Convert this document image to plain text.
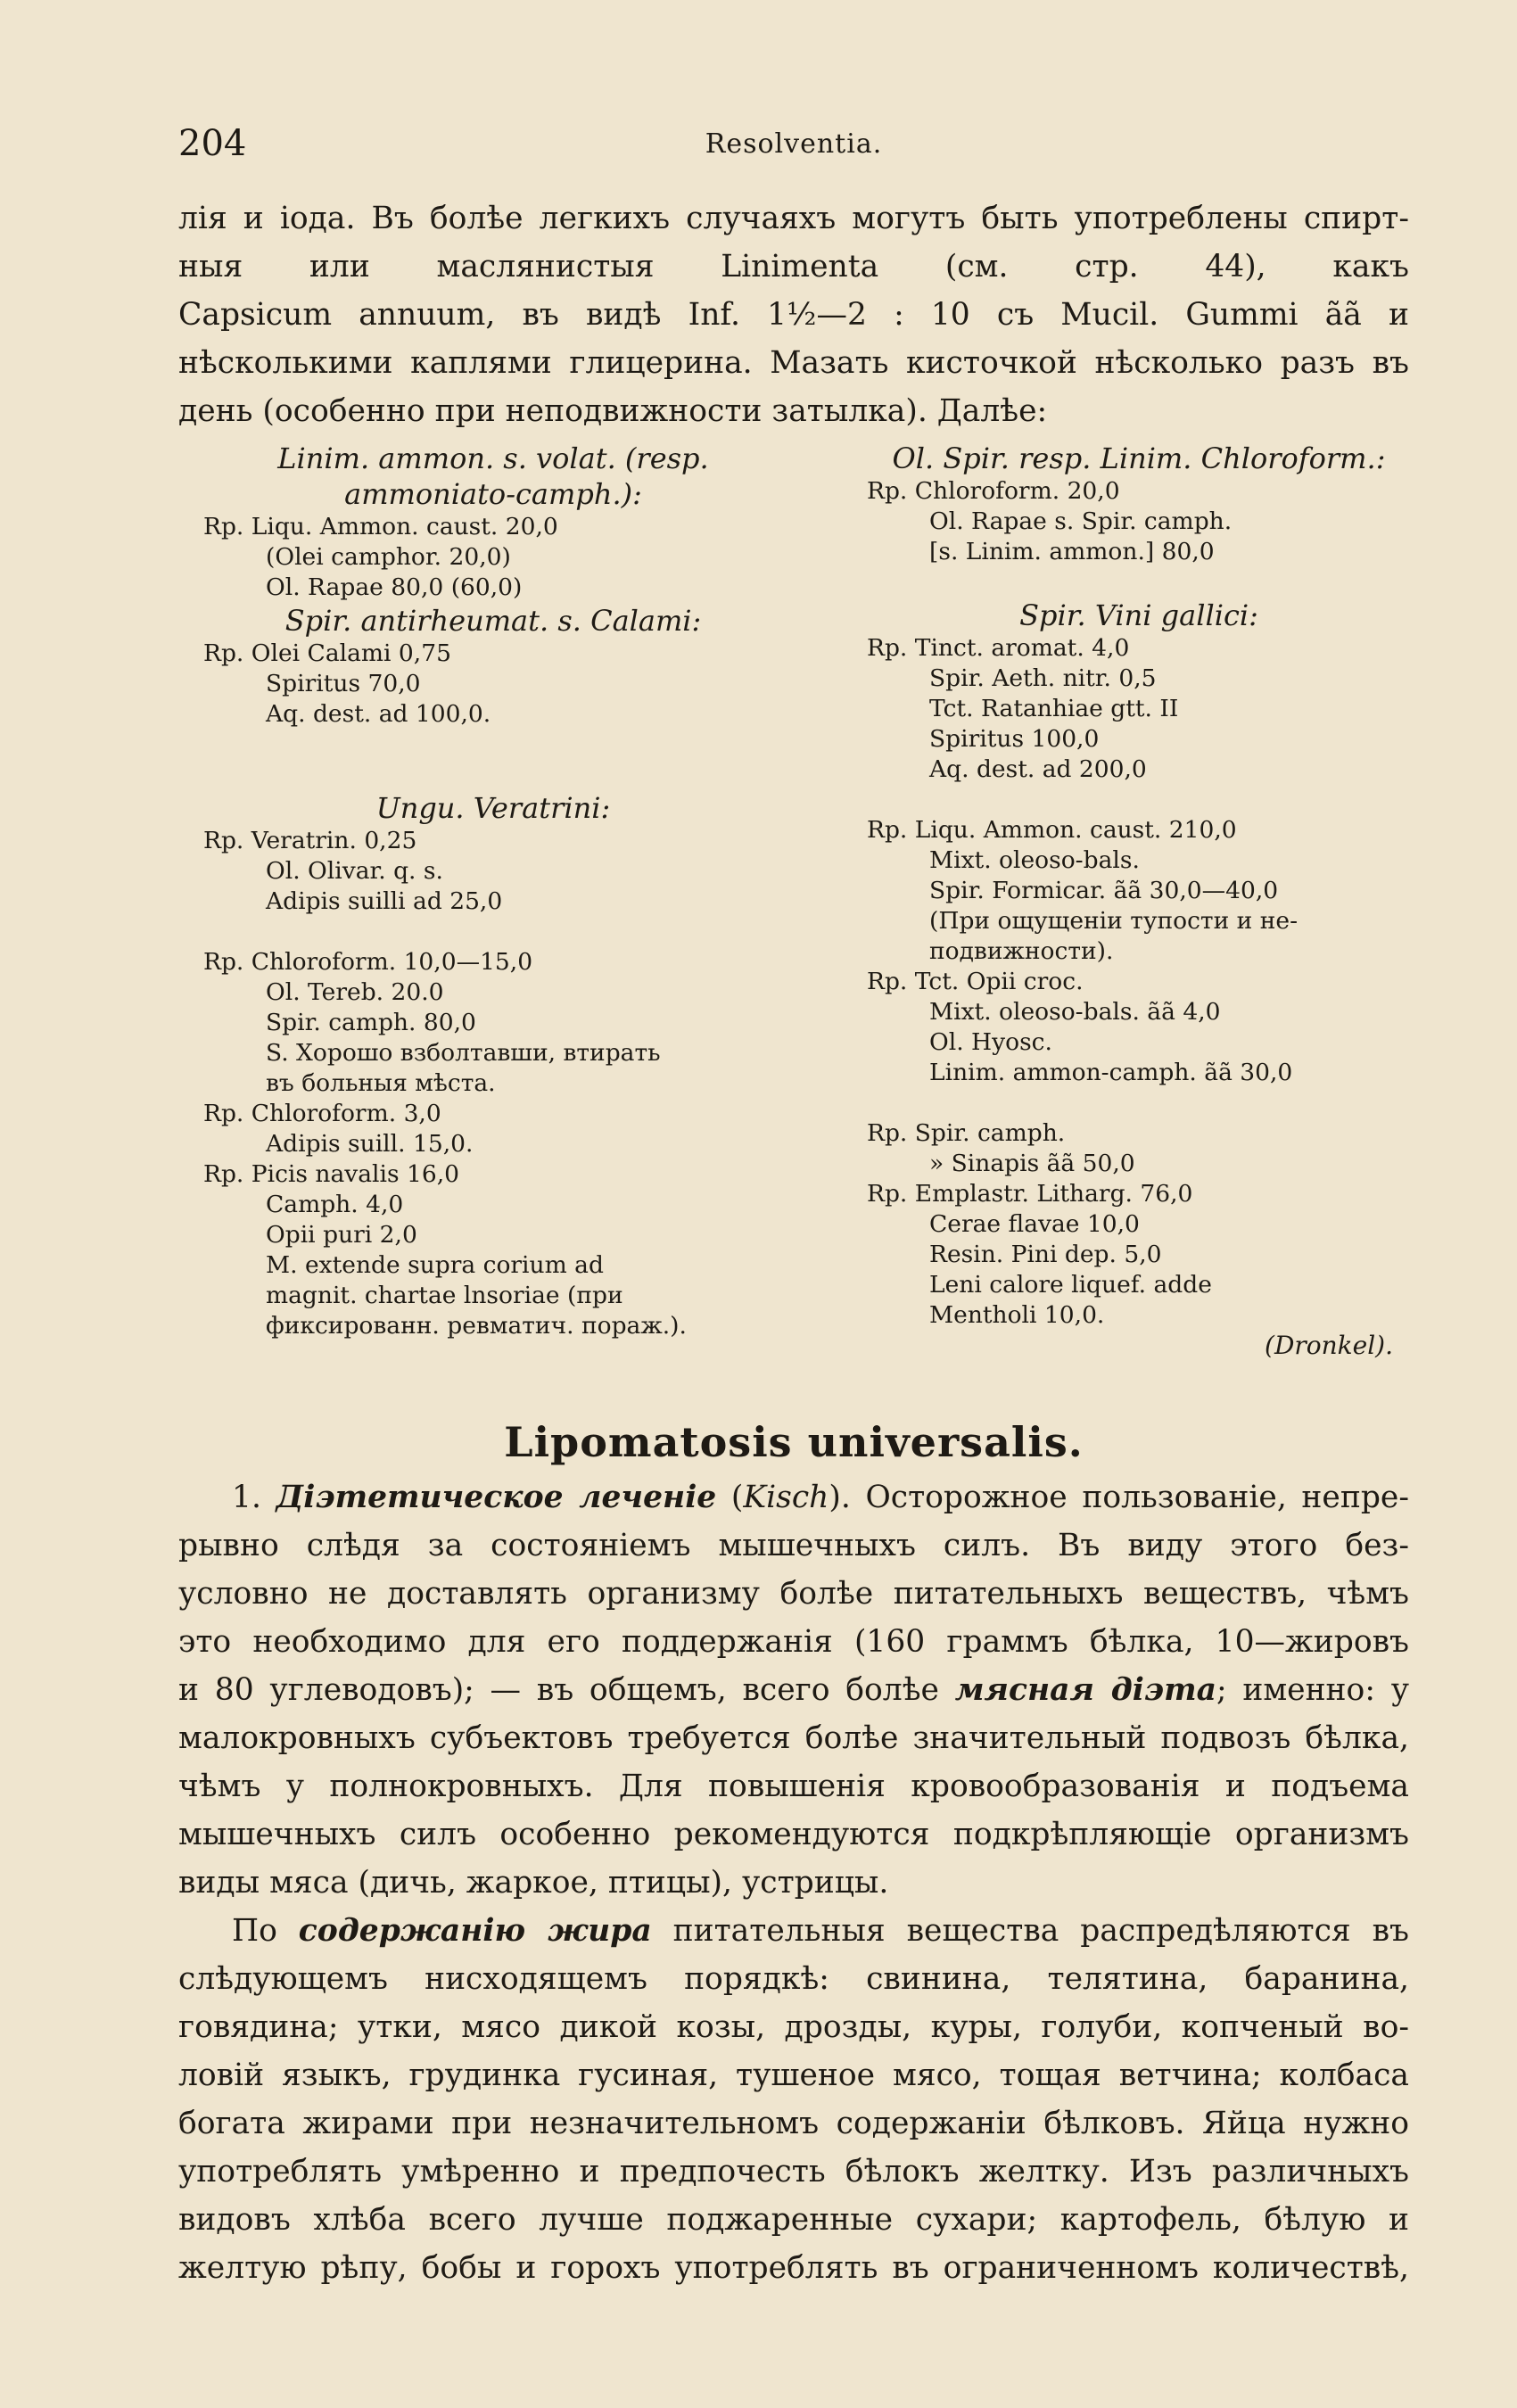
204	Resolventia.
лія и іода. Въ болѣе легкихъ случаяхъ могутъ быть употреблены спирт-
ныя или маслянистыя Linimenta (см. стр. 44), какъ
Capsicum annuum, въ видѣ Inf. 1½—2 : 10 съ Mucil. Gummi ãã и
нѣсколькими каплями глицерина. Мазать кисточкой нѣсколько разъ въ
день (особенно при неподвижности затылка). Далѣе:
Linim. ammon. s. volat. (resp.
ammoniato-camph.):
Rp. Liqu. Ammon. caust. 20,0
(Olei camphor. 20,0)
Ol. Rapae 80,0 (60,0)
Spir. antirheumat. s. Calami:
Rp. Olei Calami 0,75
Spiritus 70,0
Aq. dest. ad 100,0.
Ungu. Veratrini:
Rp. Veratrin. 0,25
Ol. Olivar. q. s.
Adipis suilli ad 25,0
Rp. Chloroform. 10,0—15,0
Ol. Tereb. 20.0
Spir. camph. 80,0
S. Хорошо взболтавши, втирать
въ больныя мѣста.
Rp. Chloroform. 3,0
Adipis suill. 15,0.
Rp. Picis navalis 16,0
Camph. 4,0
Opii puri 2,0
M. extende supra corium ad
magnit. chartae lnsoriae (при
фиксированн. ревматич. пораж.).
Ol. Spir. resp. Linim. Chloroform.:
Rp. Chloroform. 20,0
Ol. Rapae s. Spir. camph.
[s. Linim. ammon.] 80,0
Spir. Vini gallici:
Rp. Tinct. aromat. 4,0
Spir. Aeth. nitr. 0,5
Tct. Ratanhiae gtt. II
Spiritus 100,0
Aq. dest. ad 200,0
Rp. Liqu. Ammon. caust. 210,0
Mixt. oleoso-bals.
Spir. Formicar. ãã 30,0—40,0
(При ощущеніи тупости и не-
подвижности).
Rp. Tct. Opii croc.
Mixt. oleoso-bals. ãã 4,0
Ol. Hyosc.
Linim. ammon-camph. ãã 30,0
Rp. Spir. camph.
» Sinapis ãã 50,0
Rp. Emplastr. Litharg. 76,0
Cerae flavae 10,0
Resin. Pini dep. 5,0
Leni calore liquef. adde
Mentholi 10,0.
(Dronkel).
Lipomatosis universalis.
1. Діэтетическое леченіе (Kisch). Осторожное пользованіе, непре-
рывно слѣдя за состояніемъ мышечныхъ силъ. Въ виду этого без-
условно не доставлять организму болѣе питательныхъ веществъ, чѣмъ
это необходимо для его поддержанія (160 граммъ бѣлка, 10—жировъ
и 80 углеводовъ); — въ общемъ, всего болѣе мясная діэта; именно: у
малокровныхъ субъектовъ требуется болѣе значительный подвозъ бѣлка,
чѣмъ у полнокровныхъ. Для повышенія кровообразованія и подъема
мышечныхъ силъ особенно рекомендуются подкрѣпляющіе организмъ
виды мяса (дичь, жаркое, птицы), устрицы.
По содержанію жира питательныя вещества распредѣляются въ
слѣдующемъ нисходящемъ порядкѣ: свинина, телятина, баранина,
говядина; утки, мясо дикой козы, дрозды, куры, голуби, копченый во-
ловій языкъ, грудинка гусиная, тушеное мясо, тощая ветчина; колбаса
богата жирами при незначительномъ содержаніи бѣлковъ. Яйца нужно
употреблять умѣренно и предпочесть бѣлокъ желтку. Изъ различныхъ
видовъ хлѣба всего лучше поджаренные сухари; картофель, бѣлую и
желтую рѣпу, бобы и горохъ употреблять въ ограниченномъ количествѣ,
